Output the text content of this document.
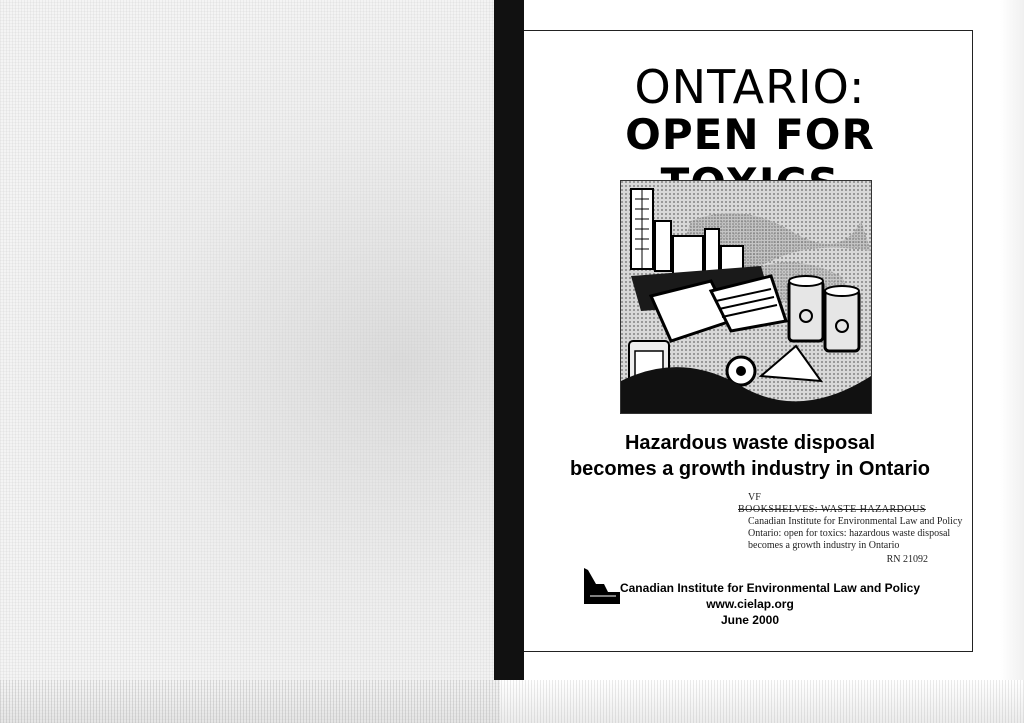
ONTARIO:
OPEN FOR
Hazardous waste disposal
becomes a growth industry in Ontario
VF
BOOKSHELVES: WASTE HAZARDOUS
Canadian Institute for Environmental Law and Policy
Ontario: open for toxics: hazardous waste disposal
becomes a growth industry in Ontario
RN 21092
Canadian Institute for Environmental Law and Policy
www.cielap.org
June 2000
